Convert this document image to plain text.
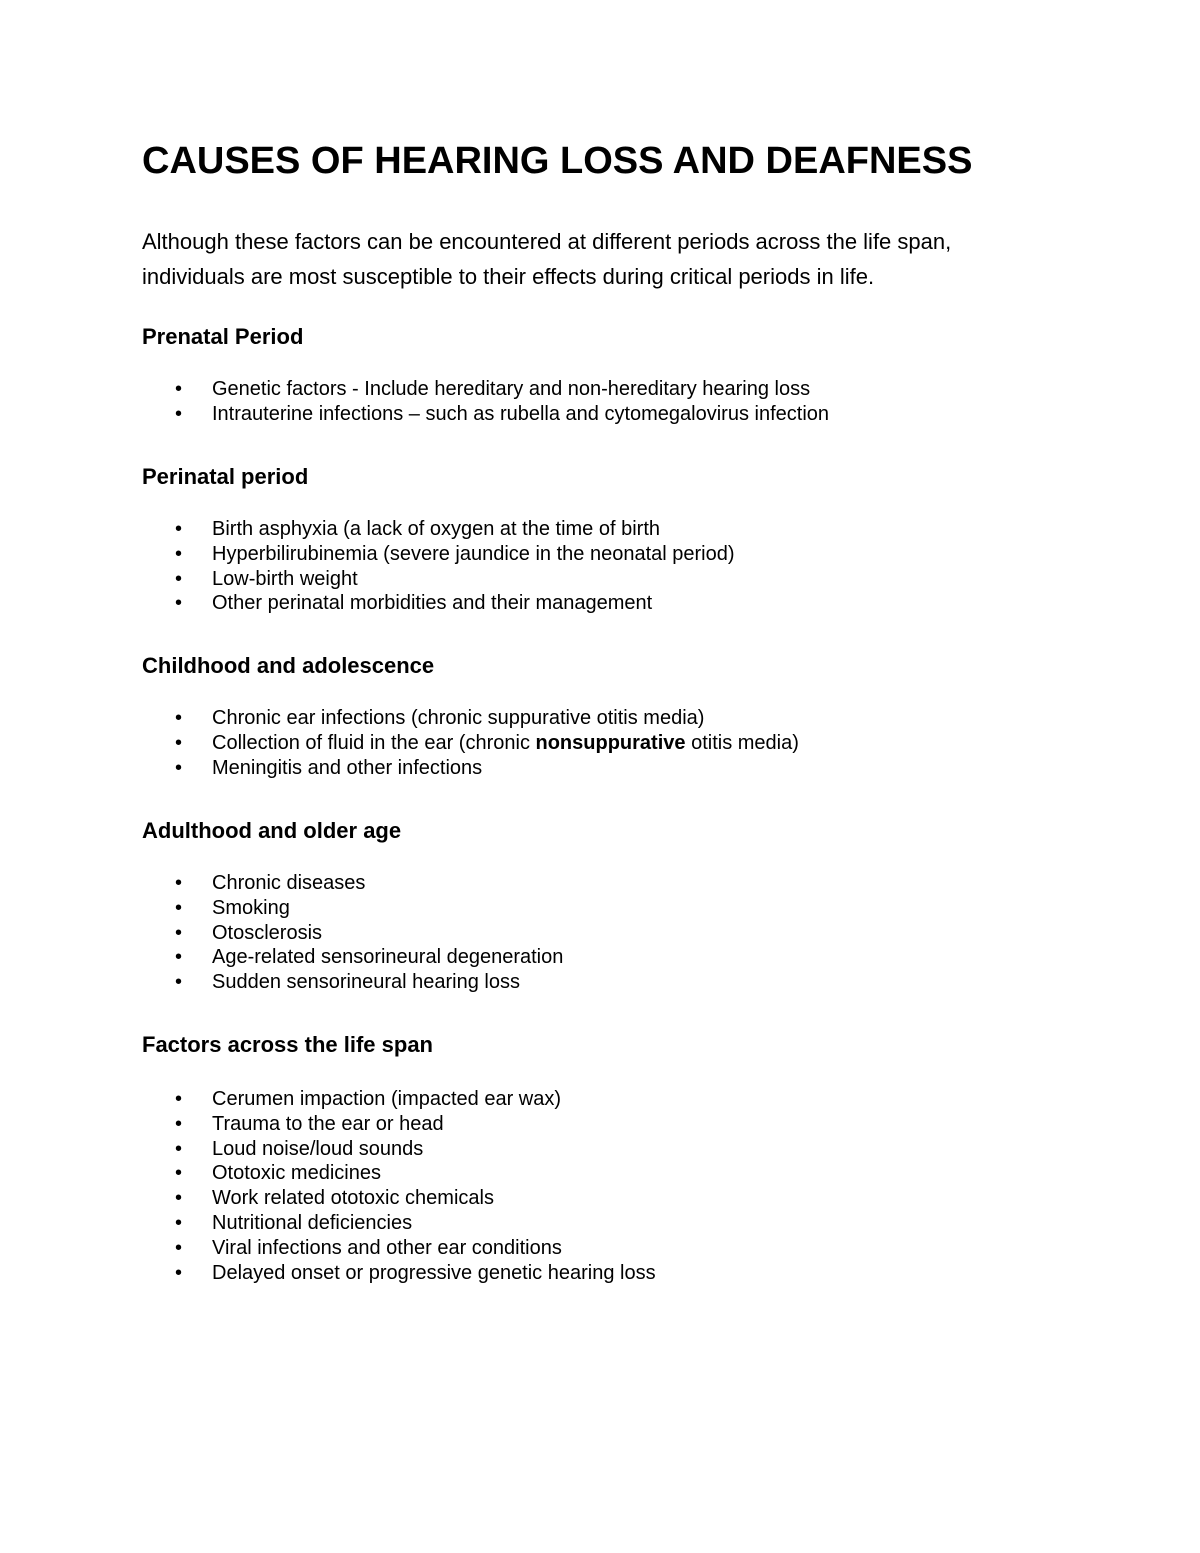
CAUSES OF HEARING LOSS AND DEAFNESS

Although these factors can be encountered at different periods across the life span, individuals are most susceptible to their effects during critical periods in life.

Prenatal Period
• Genetic factors - Include hereditary and non-hereditary hearing loss
• Intrauterine infections – such as rubella and cytomegalovirus infection
Perinatal period
• Birth asphyxia (a lack of oxygen at the time of birth
• Hyperbilirubinemia (severe jaundice in the neonatal period)
• Low-birth weight
• Other perinatal morbidities and their management
Childhood and adolescence
• Chronic ear infections (chronic suppurative otitis media)
• Collection of fluid in the ear (chronic nonsuppurative otitis media)
• Meningitis and other infections
Adulthood and older age
• Chronic diseases
• Smoking
• Otosclerosis
• Age-related sensorineural degeneration
• Sudden sensorineural hearing loss
Factors across the life span
• Cerumen impaction (impacted ear wax)
• Trauma to the ear or head
• Loud noise/loud sounds
• Ototoxic medicines
• Work related ototoxic chemicals
• Nutritional deficiencies
• Viral infections and other ear conditions
• Delayed onset or progressive genetic hearing loss
